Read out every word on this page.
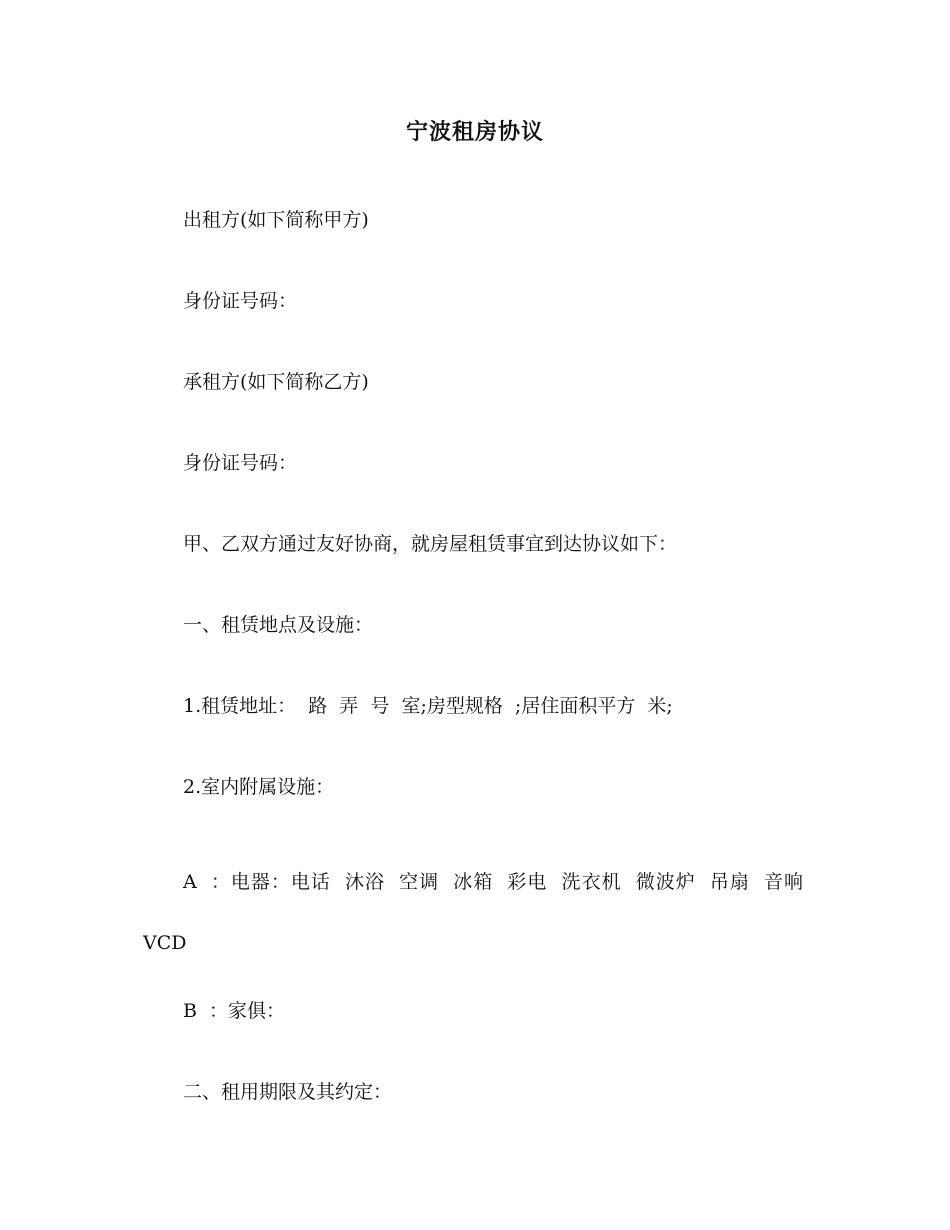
宁波租房协议
出租方(如下简称甲方)
身份证号码：
承租方(如下简称乙方)
身份证号码：
甲、乙双方通过友好协商，就房屋租赁事宜到达协议如下：
一、租赁地点及设施：
1.租赁地址：  路  弄  号  室;房型规格  ;居住面积平方  米;
2.室内附属设施：
A  ：电器：电话  沐浴  空调  冰箱  彩电  洗衣机  微波炉  吊扇  音响  VCD
B  ：家俱：
二、租用期限及其约定：
